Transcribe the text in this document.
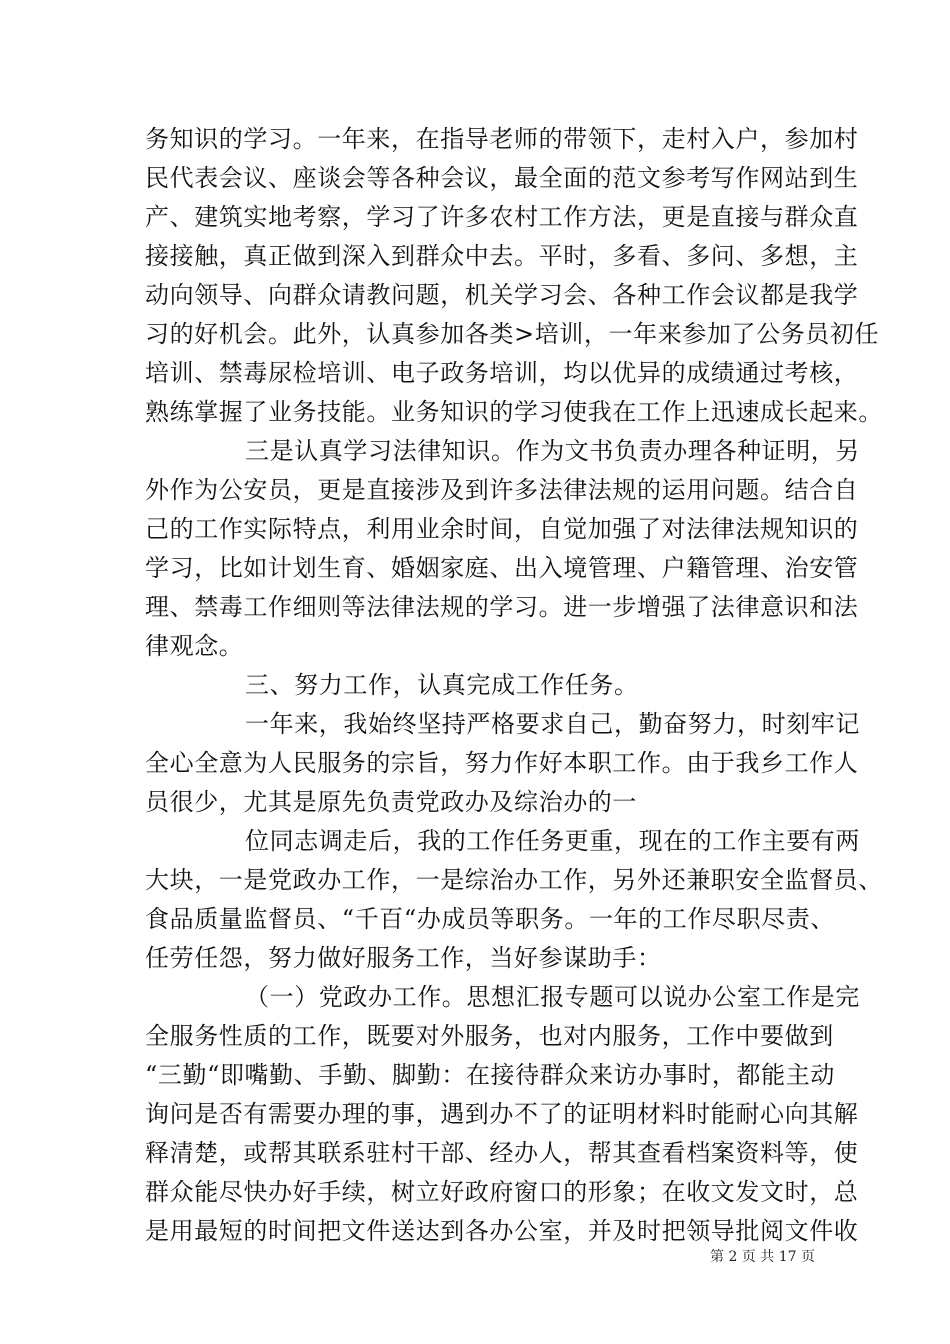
务知识的学习。一年来，在指导老师的带领下，走村入户，参加村
民代表会议、座谈会等各种会议，最全面的范文参考写作网站到生
产、建筑实地考察，学习了许多农村工作方法，更是直接与群众直
接接触，真正做到深入到群众中去。平时，多看、多问、多想，主
动向领导、向群众请教问题，机关学习会、各种工作会议都是我学
习的好机会。此外，认真参加各类>培训，一年来参加了公务员初任
培训、禁毒尿检培训、电子政务培训，均以优异的成绩通过考核，
熟练掌握了业务技能。业务知识的学习使我在工作上迅速成长起来。
三是认真学习法律知识。作为文书负责办理各种证明，另
外作为公安员，更是直接涉及到许多法律法规的运用问题。结合自
己的工作实际特点，利用业余时间，自觉加强了对法律法规知识的
学习，比如计划生育、婚姻家庭、出入境管理、户籍管理、治安管
理、禁毒工作细则等法律法规的学习。进一步增强了法律意识和法
律观念。
三、努力工作，认真完成工作任务。
一年来，我始终坚持严格要求自己，勤奋努力，时刻牢记
全心全意为人民服务的宗旨，努力作好本职工作。由于我乡工作人
员很少，尤其是原先负责党政办及综治办的一
位同志调走后，我的工作任务更重，现在的工作主要有两
大块，一是党政办工作，一是综治办工作，另外还兼职安全监督员、
食品质量监督员、“千百“办成员等职务。一年的工作尽职尽责、
任劳任怨，努力做好服务工作，当好参谋助手：
（一）党政办工作。思想汇报专题可以说办公室工作是完
全服务性质的工作，既要对外服务，也对内服务，工作中要做到
“三勤“即嘴勤、手勤、脚勤：在接待群众来访办事时，都能主动
询问是否有需要办理的事，遇到办不了的证明材料时能耐心向其解
释清楚，或帮其联系驻村干部、经办人，帮其查看档案资料等，使
群众能尽快办好手续，树立好政府窗口的形象；在收文发文时，总
是用最短的时间把文件送达到各办公室，并及时把领导批阅文件收
第 2 页 共 17 页
